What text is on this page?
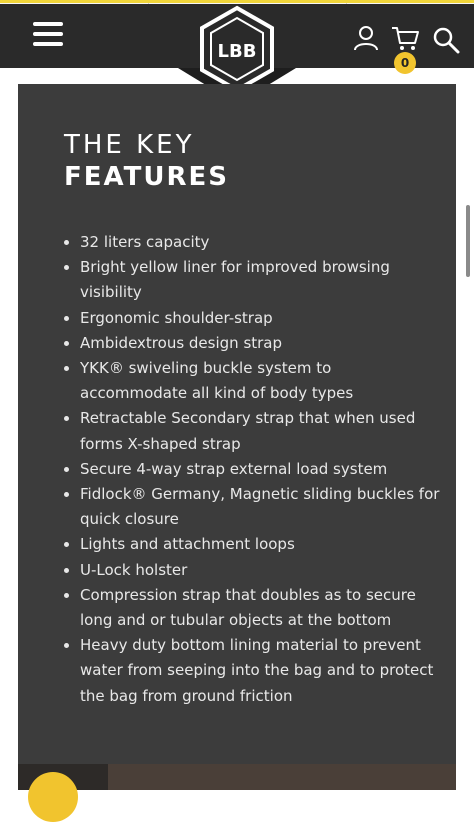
0
LBB
THE KEY
FEATURES
32 liters capacity
Bright yellow liner for improved browsing visibility
Ergonomic shoulder-strap
Ambidextrous design strap
YKK® swiveling buckle system to accommodate all kind of body types
Retractable Secondary strap that when used forms X-shaped strap
Secure 4-way strap external load system
Fidlock® Germany, Magnetic sliding buckles for quick closure
Lights and attachment loops
U-Lock holster
Compression strap that doubles as to secure long and or tubular objects at the bottom
Heavy duty bottom lining material to prevent water from seeping into the bag and to protect the bag from ground friction
